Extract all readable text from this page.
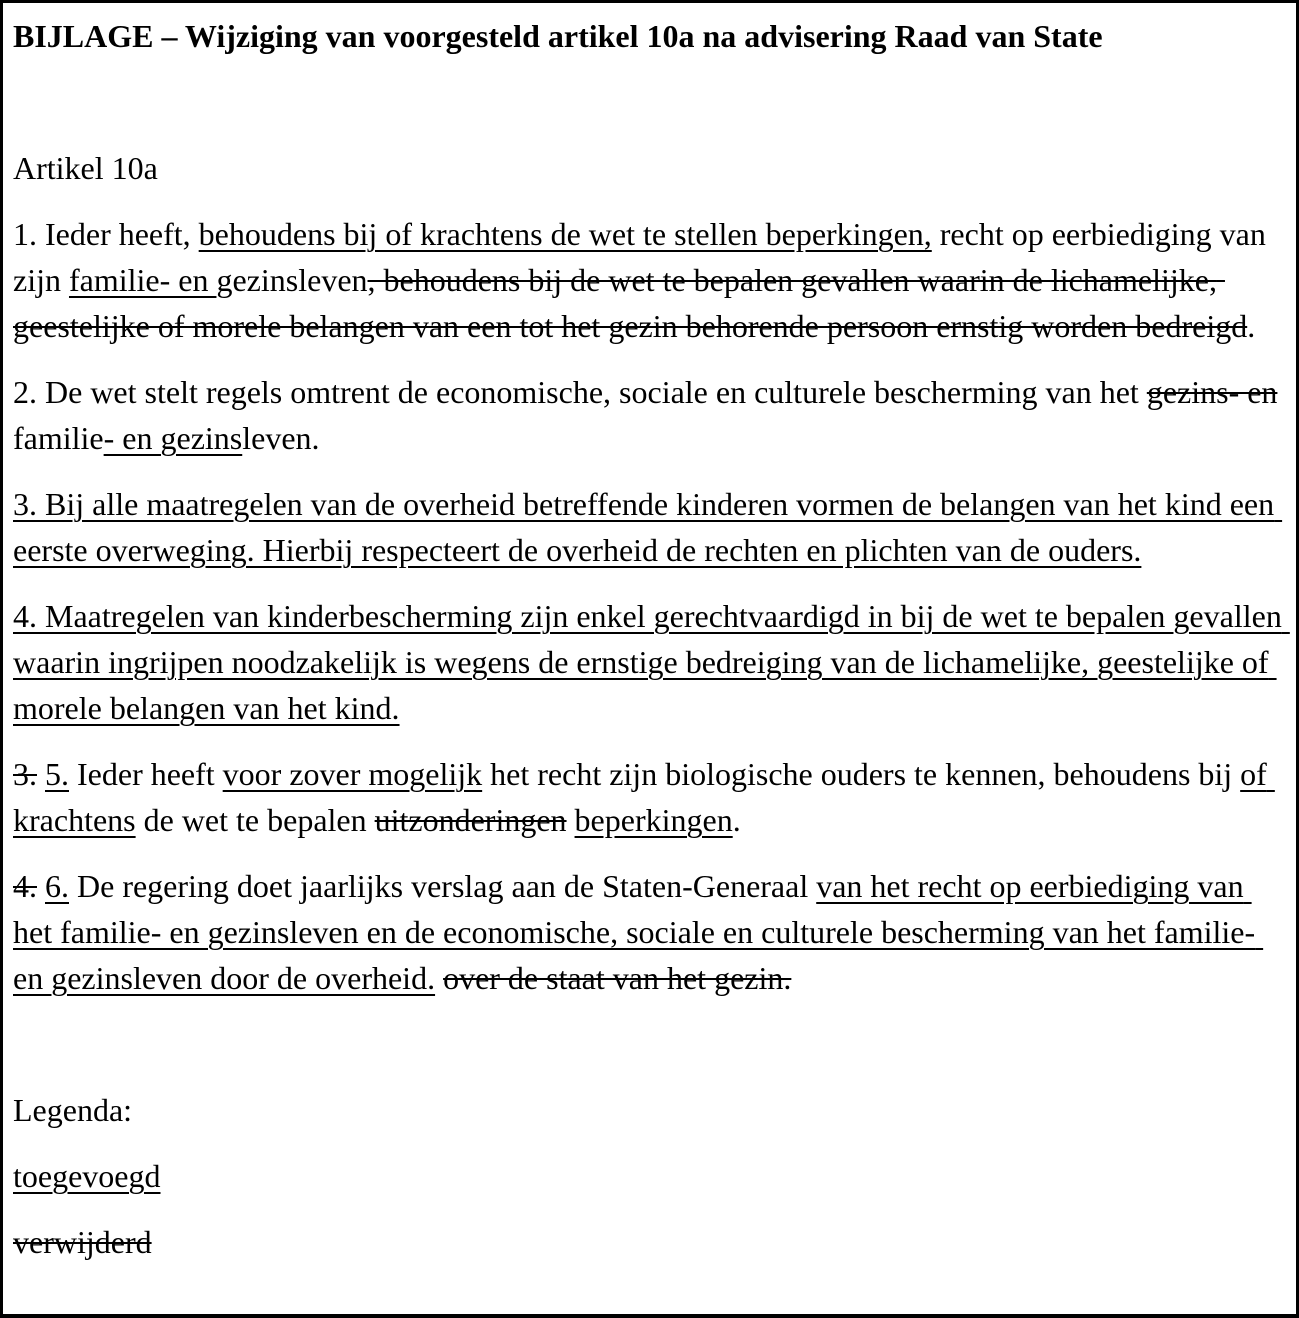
BIJLAGE – Wijziging van voorgesteld artikel 10a na advisering Raad van State

Artikel 10a

1. Ieder heeft, behoudens bij of krachtens de wet te stellen beperkingen, recht op eerbiediging van zijn familie- en gezinsleven, behoudens bij de wet te bepalen gevallen waarin de lichamelijke, geestelijke of morele belangen van een tot het gezin behorende persoon ernstig worden bedreigd.

2. De wet stelt regels omtrent de economische, sociale en culturele bescherming van het gezins- en familie- en gezinsleven.

3. Bij alle maatregelen van de overheid betreffende kinderen vormen de belangen van het kind een eerste overweging. Hierbij respecteert de overheid de rechten en plichten van de ouders.

4. Maatregelen van kinderbescherming zijn enkel gerechtvaardigd in bij de wet te bepalen gevallen waarin ingrijpen noodzakelijk is wegens de ernstige bedreiging van de lichamelijke, geestelijke of morele belangen van het kind.

3. 5. Ieder heeft voor zover mogelijk het recht zijn biologische ouders te kennen, behoudens bij of krachtens de wet te bepalen uitzonderingen beperkingen.

4. 6. De regering doet jaarlijks verslag aan de Staten-Generaal van het recht op eerbiediging van het familie- en gezinsleven en de economische, sociale en culturele bescherming van het familie- en gezinsleven door de overheid. over de staat van het gezin.

Legenda:

toegevoegd

verwijderd
